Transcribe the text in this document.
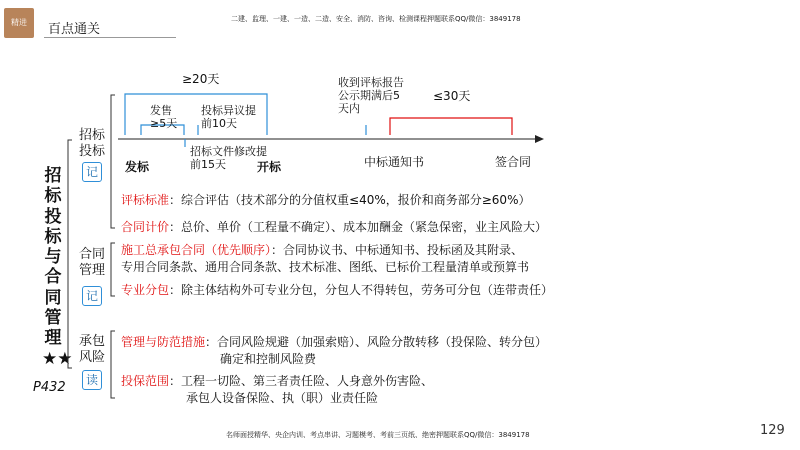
精进	百点通关
二建、监理、一建、一造、二造、安全、消防、咨询、检测课程押题联系QQ/微信：3849178
招标投标与合同管理★★
P432
≥20天
发售≥5天
投标异议提前10天
招标文件修改提前15天
收到评标报告公示期满后5天内
≤30天
发标	开标	中标通知书	签合同
招标投标
记
合同管理
记
承包风险
读
评标标准：综合评估（技术部分的分值权重≤40%，报价和商务部分≥60%）
合同计价：总价、单价（工程量不确定）、成本加酬金（紧急保密，业主风险大）
施工总承包合同（优先顺序）：合同协议书、中标通知书、投标函及其附录、
专用合同条款、通用合同条款、技术标准、图纸、已标价工程量清单或预算书
专业分包：除主体结构外可专业分包，分包人不得转包，劳务可分包（连带责任）
管理与防范措施：合同风险规避（加强索赔）、风险分散转移（投保险、转分包）
确定和控制风险费
投保范围：工程一切险、第三者责任险、人身意外伤害险、
承包人设备保险、执（职）业责任险
名师面授精华、央企内训、考点串讲、习题模考、考前三页纸、绝密押题联系QQ/微信：3849178	129
